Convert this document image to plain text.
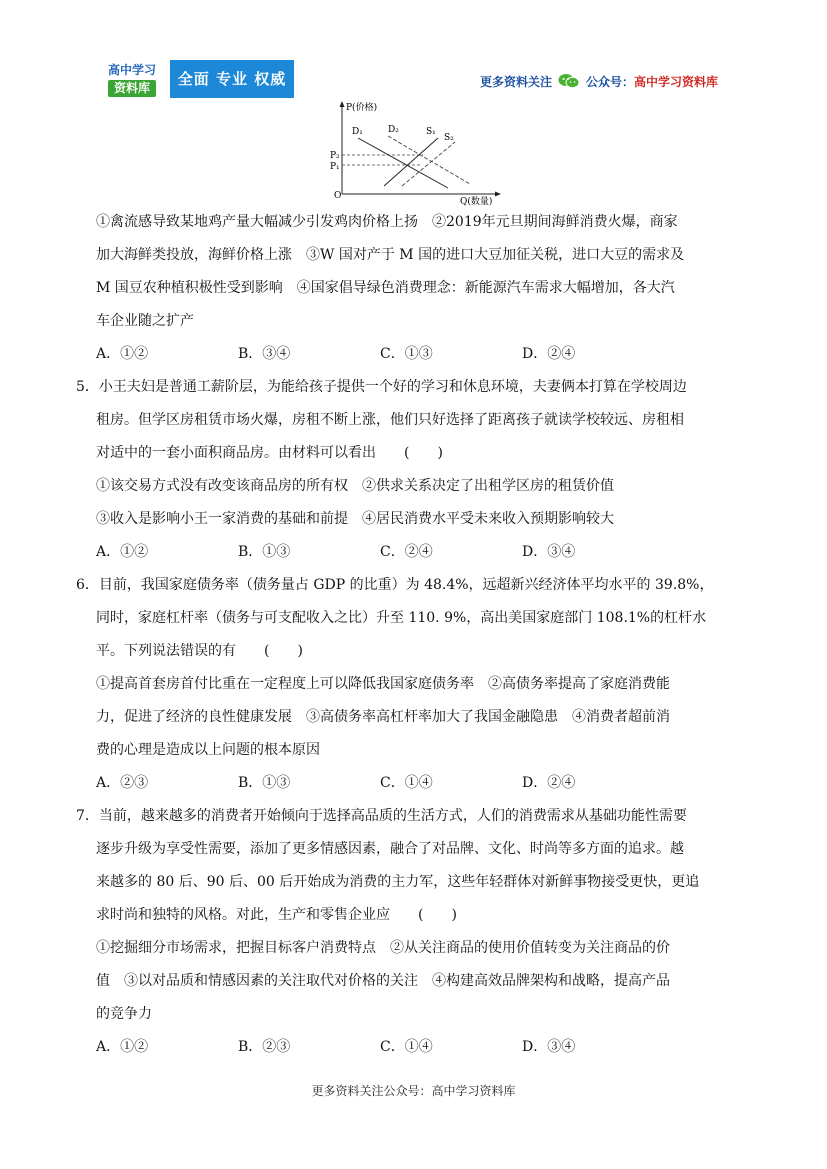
高中学习
资料库	全面 专业 权威	更多资料关注	公众号： 高中学习资料库
P(价格)
Q(数量)
O
P₂
P₁
D₁	D₂	S₁
S₂
①禽流感导致某地鸡产量大幅减少引发鸡肉价格上扬　②2019年元旦期间海鲜消费火爆，商家
加大海鲜类投放，海鲜价格上涨　③W 国对产于 M 国的进口大豆加征关税，进口大豆的需求及
M 国豆农种植积极性受到影响　④国家倡导绿色消费理念：新能源汽车需求大幅增加，各大汽
车企业随之扩产
A．①②	B．③④	C．①③	D．②④
5．小王夫妇是普通工薪阶层，为能给孩子提供一个好的学习和休息环境，夫妻俩本打算在学校周边
租房。但学区房租赁市场火爆，房租不断上涨，他们只好选择了距离孩子就读学校较远、房租相
对适中的一套小面积商品房。由材料可以看出　　(　　)
①该交易方式没有改变该商品房的所有权　②供求关系决定了出租学区房的租赁价值
③收入是影响小王一家消费的基础和前提　④居民消费水平受未来收入预期影响较大
A．①②	B．①③	C．②④	D．③④
6．目前，我国家庭债务率（债务量占 GDP 的比重）为 48.4%，远超新兴经济体平均水平的 39.8%，
同时，家庭杠杆率（债务与可支配收入之比）升至 110. 9%，高出美国家庭部门 108.1%的杠杆水
平。下列说法错误的有　　(　　)
①提高首套房首付比重在一定程度上可以降低我国家庭债务率　②高债务率提高了家庭消费能
力，促进了经济的良性健康发展　③高债务率高杠杆率加大了我国金融隐患　④消费者超前消
费的心理是造成以上问题的根本原因
A．②③	B．①③	C．①④	D．②④
7．当前，越来越多的消费者开始倾向于选择高品质的生活方式，人们的消费需求从基础功能性需要
逐步升级为享受性需要，添加了更多情感因素，融合了对品牌、文化、时尚等多方面的追求。越
来越多的 80 后、90 后、00 后开始成为消费的主力军，这些年轻群体对新鲜事物接受更快，更追
求时尚和独特的风格。对此，生产和零售企业应　　(　　)
①挖掘细分市场需求，把握目标客户消费特点　②从关注商品的使用价值转变为关注商品的价
值　③以对品质和情感因素的关注取代对价格的关注　④构建高效品牌架构和战略，提高产品
的竞争力
A．①②	B．②③	C．①④	D．③④
更多资料关注公众号：高中学习资料库
